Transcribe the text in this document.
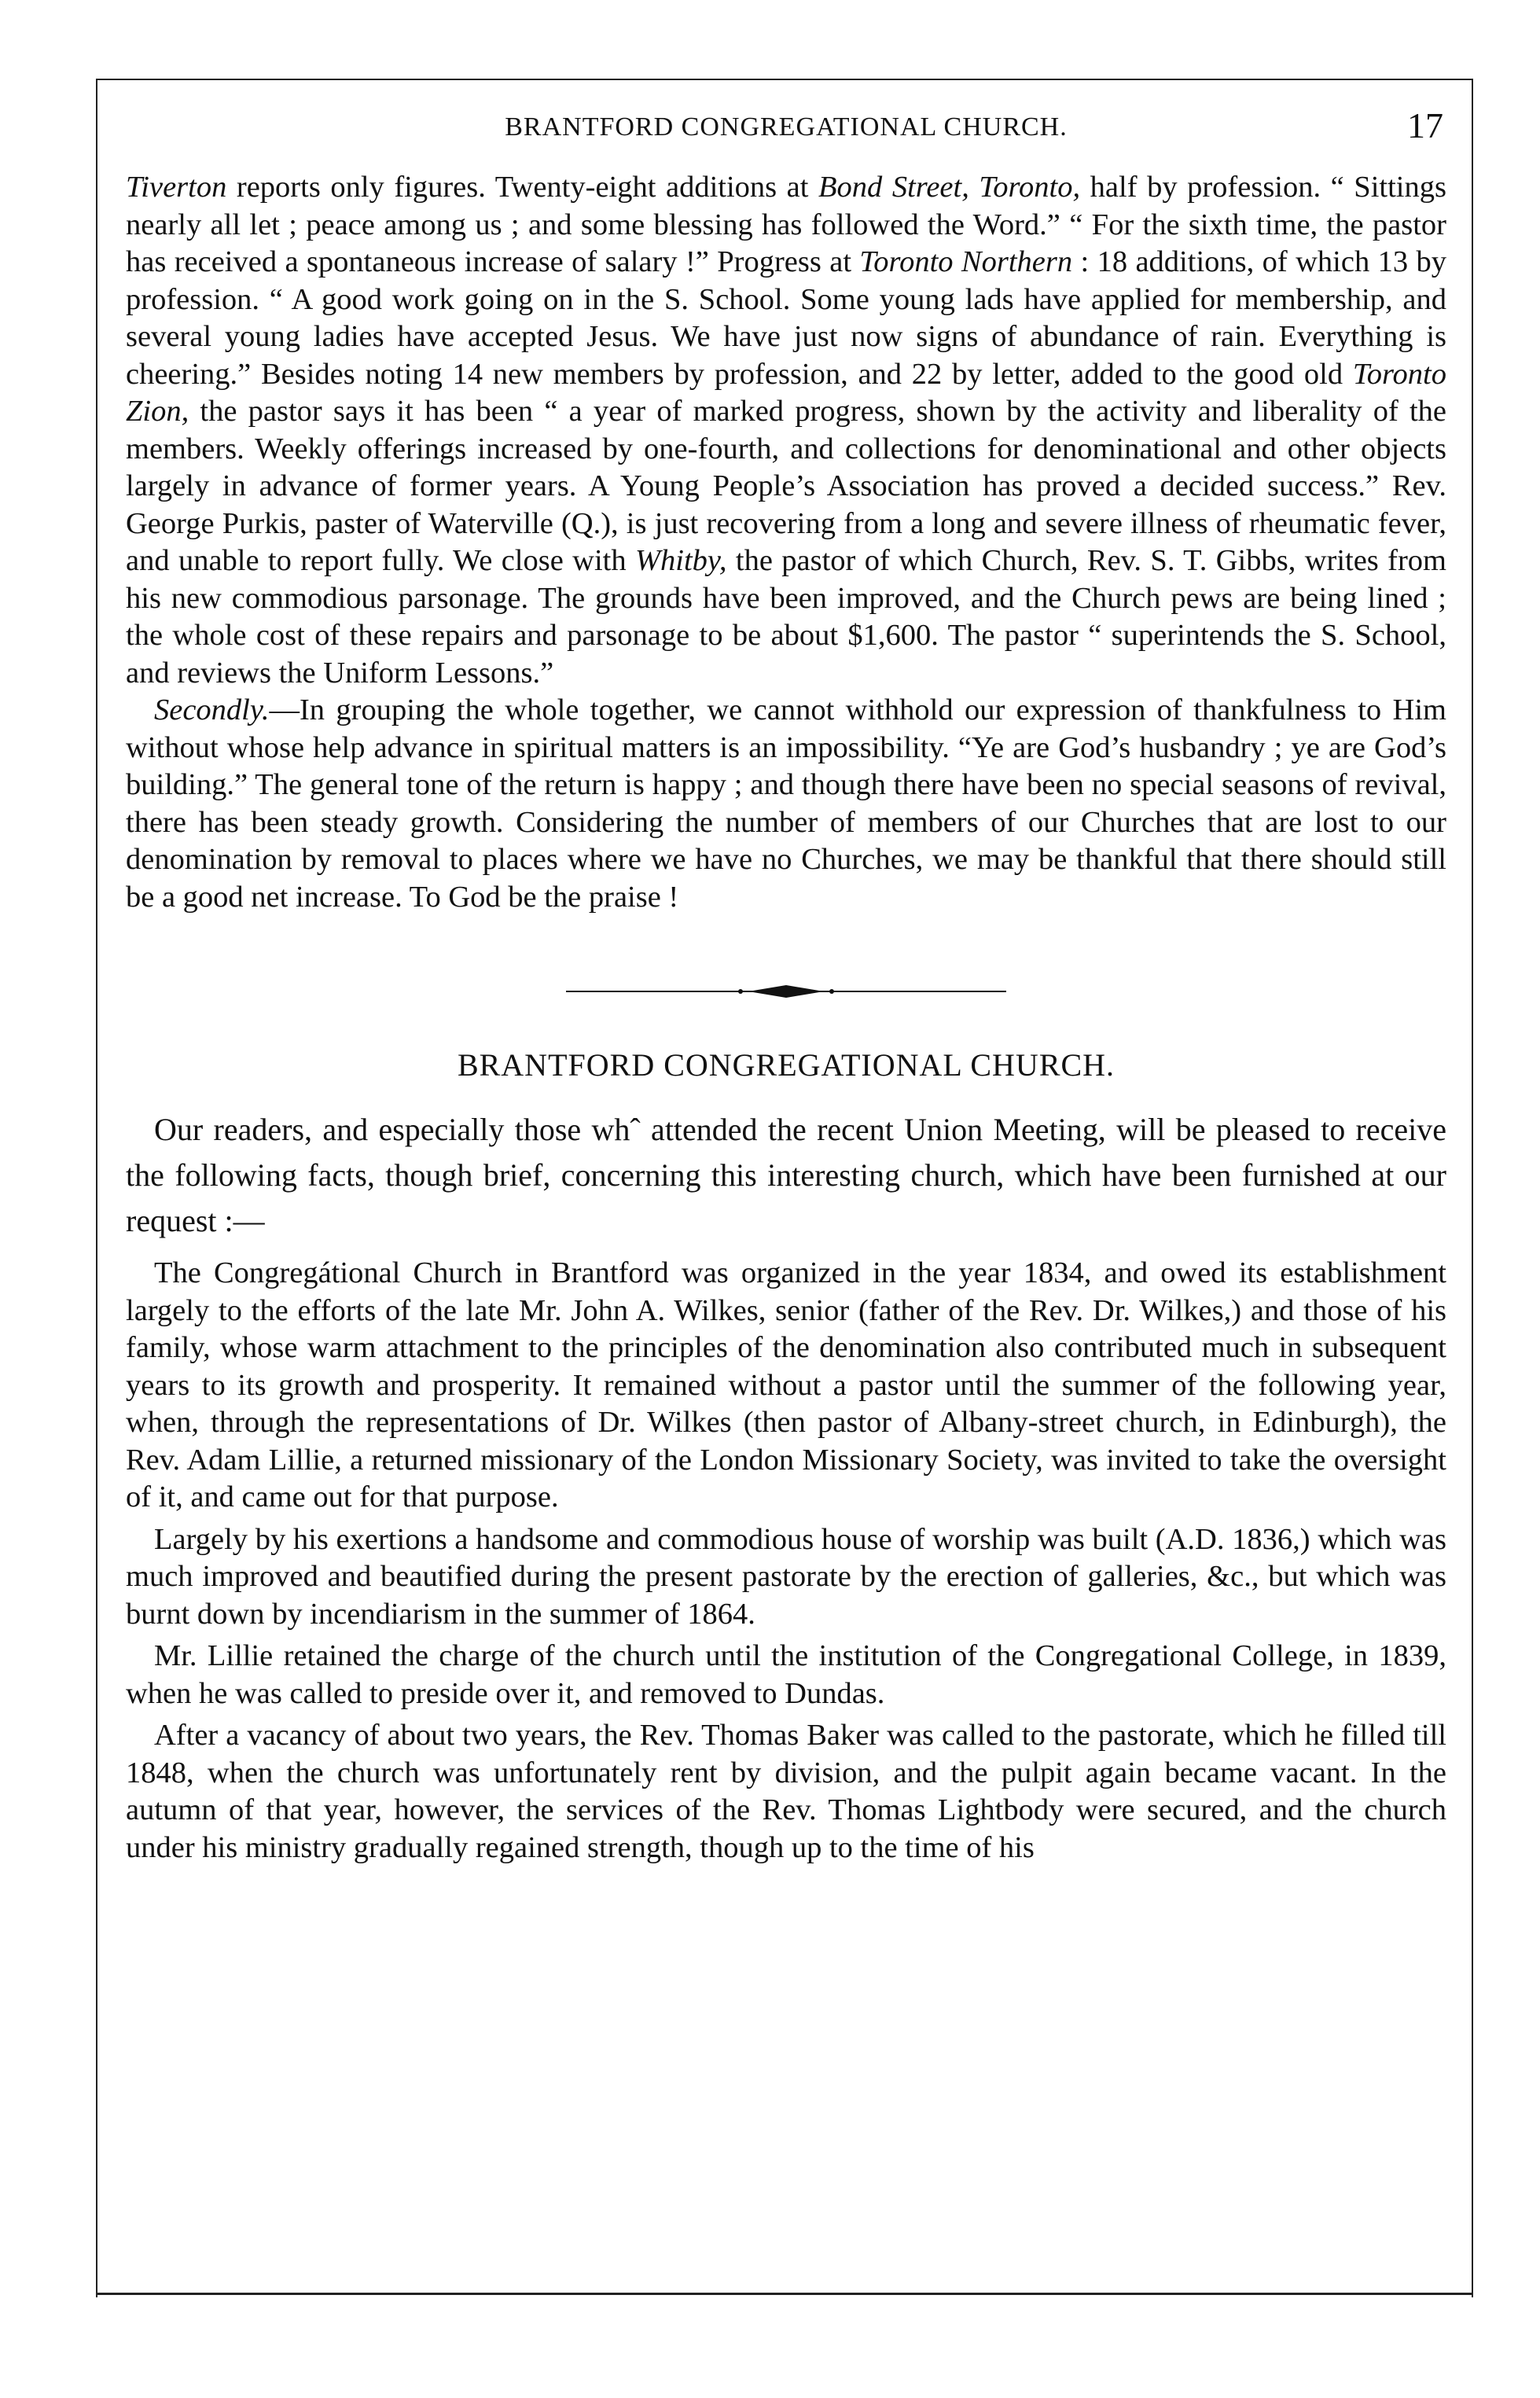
BRANTFORD CONGREGATIONAL CHURCH.	17

Tiverton reports only figures. Twenty-eight additions at Bond Street, Toronto, half by profession. “ Sittings nearly all let ; peace among us ; and some blessing has followed the Word.” “ For the sixth time, the pastor has received a spontaneous increase of salary !” Progress at Toronto Northern : 18 additions, of which 13 by profession. “ A good work going on in the S. School. Some young lads have applied for membership, and several young ladies have accepted Jesus. We have just now signs of abundance of rain. Everything is cheering.” Besides noting 14 new members by profession, and 22 by letter, added to the good old Toronto Zion, the pastor says it has been “ a year of marked progress, shown by the activity and liberality of the members. Weekly offerings increased by one-fourth, and collections for denominational and other objects largely in advance of former years. A Young People’s Association has proved a decided success.” Rev. George Purkis, paster of Waterville (Q.), is just recovering from a long and severe illness of rheumatic fever, and unable to report fully. We close with Whitby, the pastor of which Church, Rev. S. T. Gibbs, writes from his new commodious parsonage. The grounds have been improved, and the Church pews are being lined ; the whole cost of these repairs and parsonage to be about $1,600. The pastor “ superintends the S. School, and reviews the Uniform Lessons.”

Secondly.—In grouping the whole together, we cannot withhold our expression of thankfulness to Him without whose help advance in spiritual matters is an impossibility. “Ye are God’s husbandry ; ye are God’s building.” The general tone of the return is happy ; and though there have been no special seasons of revival, there has been steady growth. Considering the number of members of our Churches that are lost to our denomination by removal to places where we have no Churches, we may be thankful that there should still be a good net increase. To God be the praise !

BRANTFORD CONGREGATIONAL CHURCH.

Our readers, and especially those whˆ attended the recent Union Meeting, will be pleased to receive the following facts, though brief, concerning this interesting church, which have been furnished at our request :—

The Congregátional Church in Brantford was organized in the year 1834, and owed its establishment largely to the efforts of the late Mr. John A. Wilkes, senior (father of the Rev. Dr. Wilkes,) and those of his family, whose warm attachment to the principles of the denomination also contributed much in subsequent years to its growth and prosperity. It remained without a pastor until the summer of the following year, when, through the representations of Dr. Wilkes (then pastor of Albany-street church, in Edinburgh), the Rev. Adam Lillie, a returned missionary of the London Missionary Society, was invited to take the oversight of it, and came out for that purpose.

Largely by his exertions a handsome and commodious house of worship was built (A.D. 1836,) which was much improved and beautified during the present pastorate by the erection of galleries, &c., but which was burnt down by incendiarism in the summer of 1864.

Mr. Lillie retained the charge of the church until the institution of the Congregational College, in 1839, when he was called to preside over it, and removed to Dundas.

After a vacancy of about two years, the Rev. Thomas Baker was called to the pastorate, which he filled till 1848, when the church was unfortunately rent by division, and the pulpit again became vacant. In the autumn of that year, however, the services of the Rev. Thomas Lightbody were secured, and the church under his ministry gradually regained strength, though up to the time of his
